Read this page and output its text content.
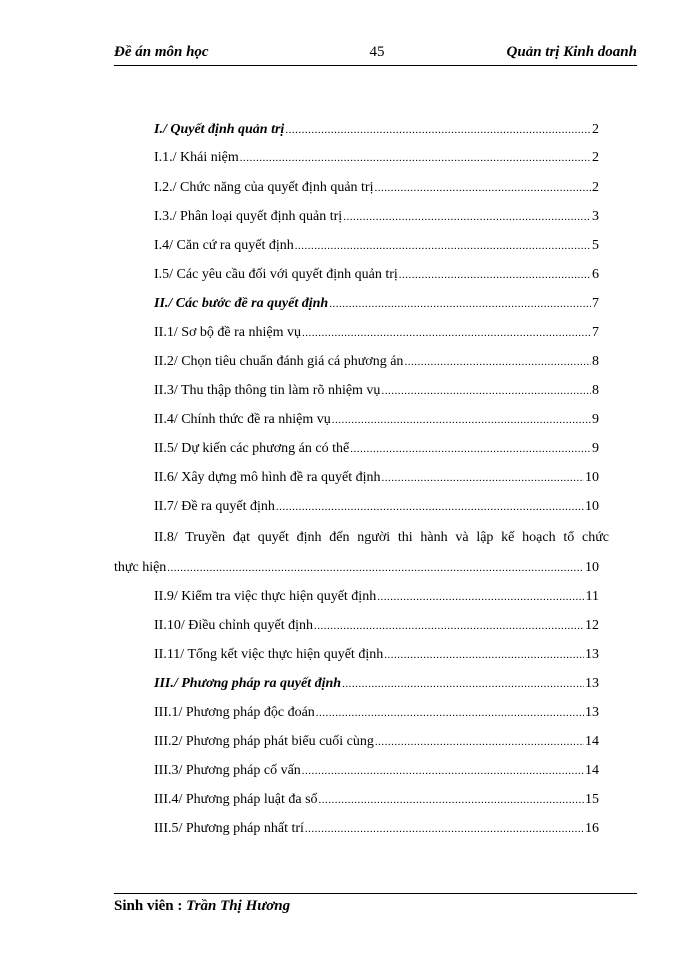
Đề án môn học	45	Quản trị Kinh doanh
I./ Quyết định quản trị .....	2
I.1./ Khái niệm .....	2
I.2./ Chức năng của quyết định quản trị .....	2
I.3./ Phân loại quyết định quản trị .....	3
I.4/ Căn cứ ra quyết định .....	5
I.5/ Các yêu cầu đối với quyết định quản trị .....	6
II./ Các bước đề ra quyết định .....	7
II.1/ Sơ bộ đề ra nhiệm vụ .....	7
II.2/ Chọn tiêu chuẩn đánh giá cá phương án .....	8
II.3/ Thu thập thông tin làm rõ nhiệm vụ .....	8
II.4/ Chính thức đề ra nhiệm vụ .....	9
II.5/ Dự kiến các phương án có thể .....	9
II.6/ Xây dựng mô hình đề ra quyết định .....	10
II.7/ Đề ra quyết định .....	10
II.8/ Truyền đạt quyết định đến người thi hành và lập kế hoạch tổ chức
thực hiện .....	10
II.9/ Kiểm tra việc thực hiện quyết định .....	11
II.10/ Điều chỉnh quyết định .....	12
II.11/ Tổng kết việc thực hiện quyết định .....	13
III./ Phương pháp ra quyết định .....	13
III.1/ Phương pháp độc đoán .....	13
III.2/ Phương pháp phát biểu cuối cùng .....	14
III.3/ Phương pháp cố vấn .....	14
III.4/ Phương pháp luật đa số .....	15
III.5/ Phương pháp nhất trí .....	16
Sinh viên : Trần Thị Hương
